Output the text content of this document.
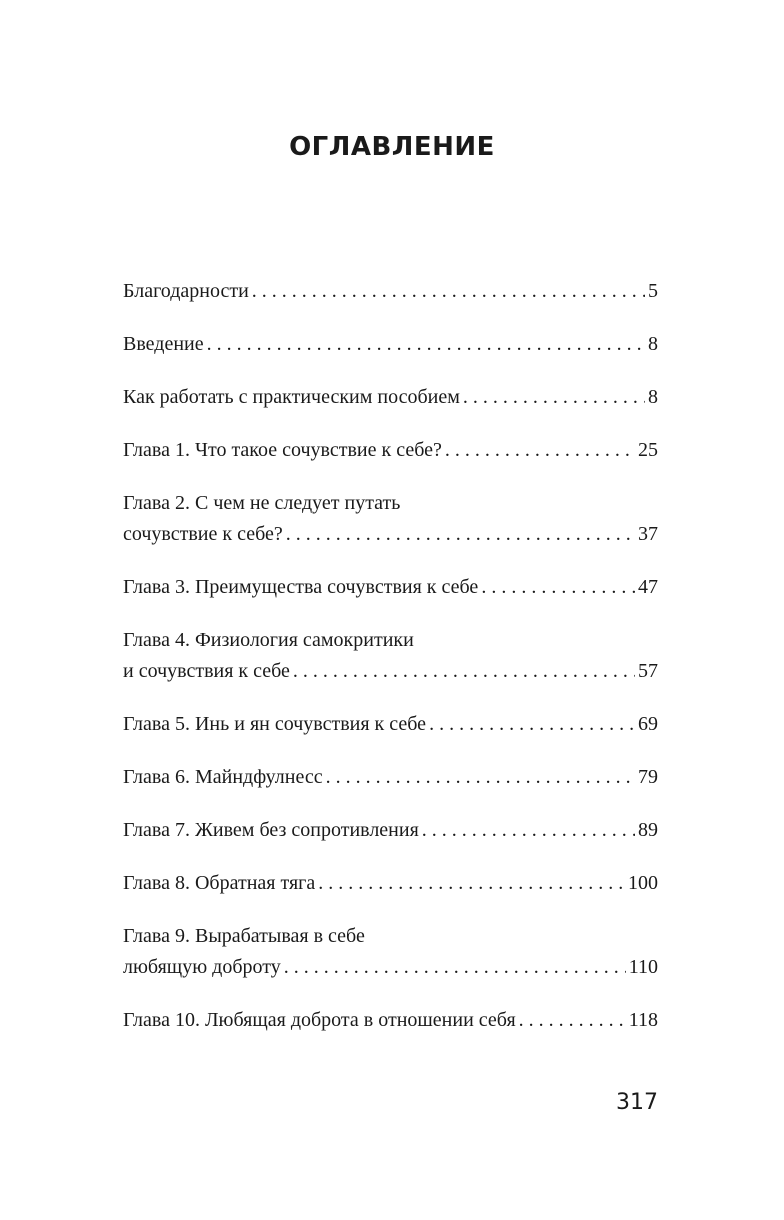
ОГЛАВЛЕНИЕ
Благодарности . . .	5
Введение . . .	8
Как работать с практическим пособием . . .	8
Глава 1. Что такое сочувствие к себе? . . .	25
Глава 2. С чем не следует путать
сочувствие к себе? . . .	37
Глава 3. Преимущества сочувствия к себе . . .	47
Глава 4. Физиология самокритики
и сочувствия к себе . . .	57
Глава 5. Инь и ян сочувствия к себе . . .	69
Глава 6. Майндфулнесс . . .	79
Глава 7. Живем без сопротивления . . .	89
Глава 8. Обратная тяга . . .	100
Глава 9. Вырабатывая в себе
любящую доброту . . .	110
Глава 10. Любящая доброта в отношении себя . . .	118
317
